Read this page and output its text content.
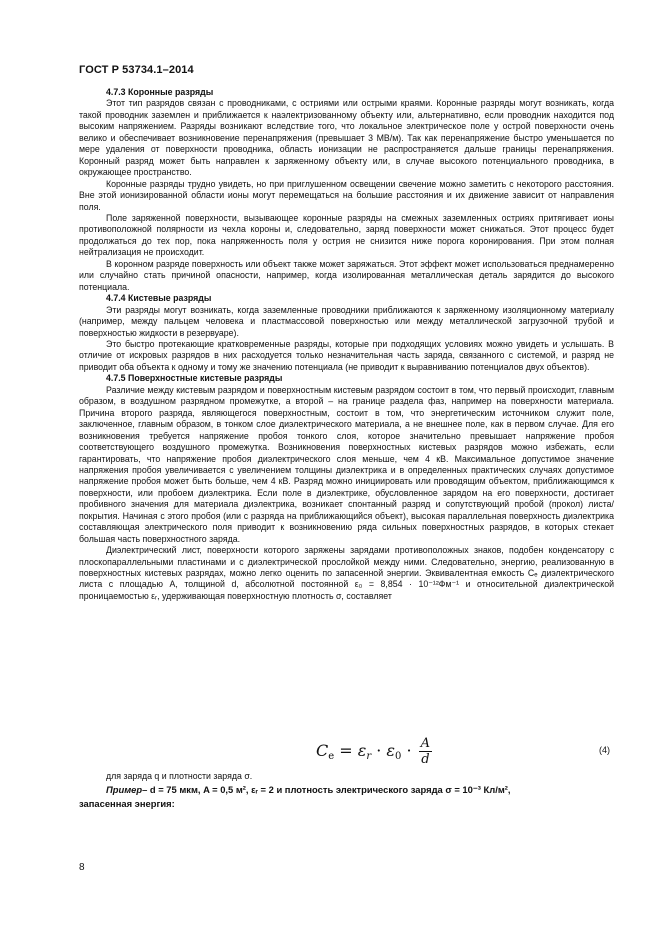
ГОСТ Р 53734.1–2014

4.7.3 Коронные разряды

Этот тип разрядов связан с проводниками, с остриями или острыми краями. Коронные разряды могут возникать, когда такой проводник заземлен и приближается к наэлектризованному объекту или, альтернативно, если проводник находится под высоким напряжением. Разряды возникают вследствие того, что локальное электрическое поле у острой поверхности очень велико и обеспечивает возникновение перенапряжения (превышает 3 МВ/м). Так как перенапряжение быстро уменьшается по мере удаления от поверхности проводника, область ионизации не распространяется дальше границы перенапряжения. Коронный разряд может быть направлен к заряженному объекту или, в случае высокого потенциального проводника, в окружающее пространство.

Коронные разряды трудно увидеть, но при приглушенном освещении свечение можно заметить с некоторого расстояния. Вне этой ионизированной области ионы могут перемещаться на большие расстояния и их движение зависит от направления поля.

Поле заряженной поверхности, вызывающее коронные разряды на смежных заземленных остриях притягивает ионы противоположной полярности из чехла короны и, следовательно, заряд поверхности может снижаться. Этот процесс будет продолжаться до тех пор, пока напряженность поля у острия не снизится ниже порога коронирования. При этом полная нейтрализация не происходит.

В коронном разряде поверхность или объект также может заряжаться. Этот эффект может использоваться преднамеренно или случайно стать причиной опасности, например, когда изолированная металлическая деталь зарядится до высокого потенциала.

4.7.4 Кистевые разряды

Эти разряды могут возникать, когда заземленные проводники приближаются к заряженному изоляционному материалу (например, между пальцем человека и пластмассовой поверхностью или между металлической загрузочной трубой и поверхностью жидкости в резервуаре).

Это быстро протекающие кратковременные разряды, которые при подходящих условиях можно увидеть и услышать. В отличие от искровых разрядов в них расходуется только незначительная часть заряда, связанного с системой, и разряд не приводит оба объекта к одному и тому же значению потенциала (не приводит к выравниванию потенциалов двух объектов).

4.7.5 Поверхностные кистевые разряды

Различие между кистевым разрядом и поверхностным кистевым разрядом состоит в том, что первый происходит, главным образом, в воздушном разрядном промежутке, а второй – на границе раздела фаз, например на поверхности материала. Причина второго разряда, являющегося поверхностным, состоит в том, что энергетическим источником служит поле, заключенное, главным образом, в тонком слое диэлектрического материала, а не внешнее поле, как в первом случае. Для его возникновения требуется напряжение пробоя тонкого слоя, которое значительно превышает напряжение пробоя соответствующего воздушного промежутка. Возникновения поверхностных кистевых разрядов можно избежать, если гарантировать, что напряжение пробоя диэлектрического слоя меньше, чем 4 кВ. Максимальное допустимое значение напряжения пробоя увеличивается с увеличением толщины диэлектрика и в определенных практических случаях допустимое напряжение пробоя может быть больше, чем 4 кВ. Разряд можно инициировать или проводящим объектом, приближающимся к поверхности, или пробоем диэлектрика. Если поле в диэлектрике, обусловленное зарядом на его поверхности, достигает пробивного значения для материала диэлектрика, возникает спонтанный разряд и сопутствующий пробой (прокол) листа/покрытия. Начиная с этого пробоя (или с разряда на приближающийся объект), высокая параллельная поверхность диэлектрика составляющая электрического поля приводит к возникновению ряда сильных поверхностных разрядов, в которых стекает большая часть поверхностного заряда.

Диэлектрический лист, поверхности которого заряжены зарядами противоположных знаков, подобен конденсатору с плоскопараллельными пластинами и с диэлектрической прослойкой между ними. Следовательно, энергию, реализованную в поверхностных кистевых разрядах, можно легко оценить по запасенной энергии. Эквивалентная емкость Cₑ диэлектрического листа с площадью A, толщиной d, абсолютной постоянной ε₀ = 8,854 · 10⁻¹²Фм⁻¹ и относительной диэлектрической проницаемостью εᵣ, удерживающая поверхностную плотность σ, составляет

$Ce = \varepsilon r \cdot \varepsilon 0 \cdot \frac{A}{d}$	(4)

для заряда q и плотности заряда σ.

Пример– d = 75 мкм, A = 0,5 м², εᵣ = 2 и плотность электрического заряда σ = 10⁻³ Кл/м²,

запасенная энергия:
8
